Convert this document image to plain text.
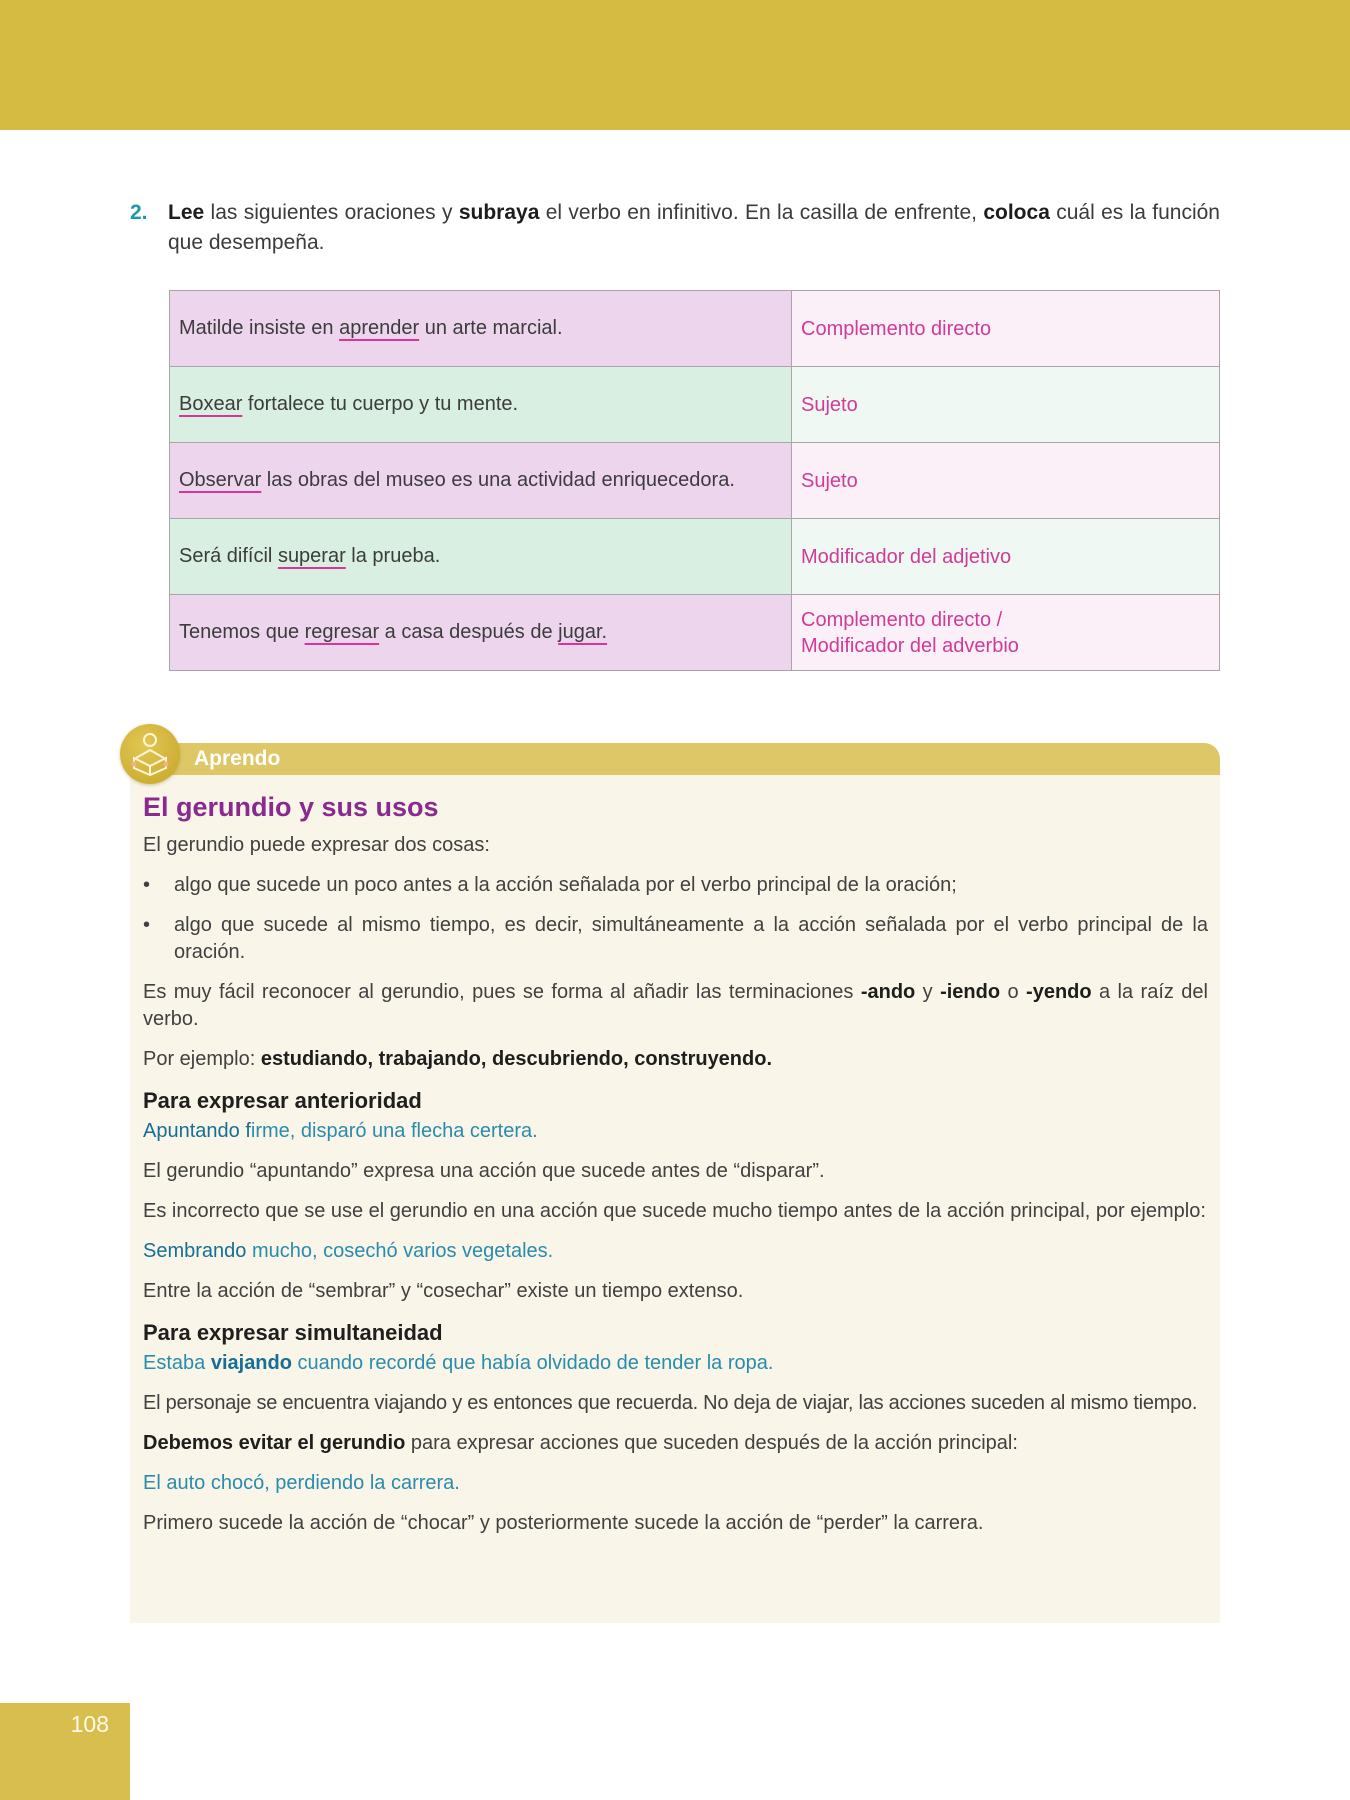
2. Lee las siguientes oraciones y subraya el verbo en infinitivo. En la casilla de enfrente, coloca cuál es la función que desempeña.
Matilde insiste en aprender un arte marcial.	Complemento directo
Boxear fortalece tu cuerpo y tu mente.	Sujeto
Observar las obras del museo es una actividad enriquecedora.	Sujeto
Será difícil superar la prueba.	Modificador del adjetivo
Tenemos que regresar a casa después de jugar.	Complemento directo /
Modificador del adverbio
Aprendo
El gerundio y sus usos

El gerundio puede expresar dos cosas:

• algo que sucede un poco antes a la acción señalada por el verbo principal de la oración;
• algo que sucede al mismo tiempo, es decir, simultáneamente a la acción señalada por el verbo principal de la oración.

Es muy fácil reconocer al gerundio, pues se forma al añadir las terminaciones -ando y -iendo o -yendo a la raíz del verbo.

Por ejemplo: estudiando, trabajando, descubriendo, construyendo.

Para expresar anterioridad

Apuntando firme, disparó una flecha certera.

El gerundio “apuntando” expresa una acción que sucede antes de “disparar”.

Es incorrecto que se use el gerundio en una acción que sucede mucho tiempo antes de la acción principal, por ejemplo:

Sembrando mucho, cosechó varios vegetales.

Entre la acción de “sembrar” y “cosechar” existe un tiempo extenso.

Para expresar simultaneidad

Estaba viajando cuando recordé que había olvidado de tender la ropa.

El personaje se encuentra viajando y es entonces que recuerda. No deja de viajar, las acciones suceden al mismo tiempo.

Debemos evitar el gerundio para expresar acciones que suceden después de la acción principal:

El auto chocó, perdiendo la carrera.

Primero sucede la acción de “chocar” y posteriormente sucede la acción de “perder” la carrera.

108
